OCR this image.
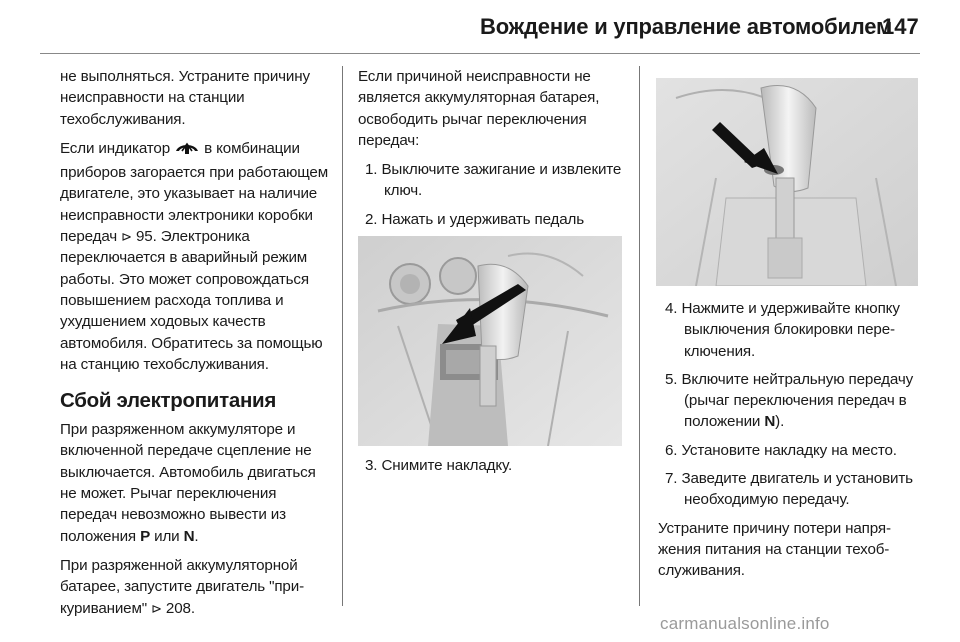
Вождение и управление автомобилем
147

не выполняться. Устраните причину неисправности на станции техобслуживания.

Если индикатор  в комбинации приборов загорается при работающем двигателе, это указывает на наличие неисправности электроники коробки передач ⊳ 95. Электроника переключается в аварийный режим работы. Это может сопровождаться повышением расхода топлива и ухудшением ходовых качеств автомобиля. Обратитесь за помощью на станцию техобслуживания.

Сбой электропитания

При разряженном аккумуляторе и включенной передаче сцепление не выключается. Автомобиль двигаться не может. Рычаг переключения передач невозможно вывести из положения P или N.

При разряженной аккумуляторной батарее, запустите двигатель "прикуриванием" ⊳ 208.

Если причиной неисправности не является аккумуляторная батарея, освободить рычаг переключения передач:

1. Выключите зажигание и извлеките ключ.
2. Нажать и удерживать педаль
3. Снимите накладку.
4. Нажмите и удерживайте кнопку выключения блокировки переключения.
5. Включите нейтральную передачу (рычаг переключения передач в положении N).
6. Установите накладку на место.
7. Заведите двигатель и установить необходимую передачу.

Устраните причину потери напряжения питания на станции техобслуживания.

carmanualsonline.info
